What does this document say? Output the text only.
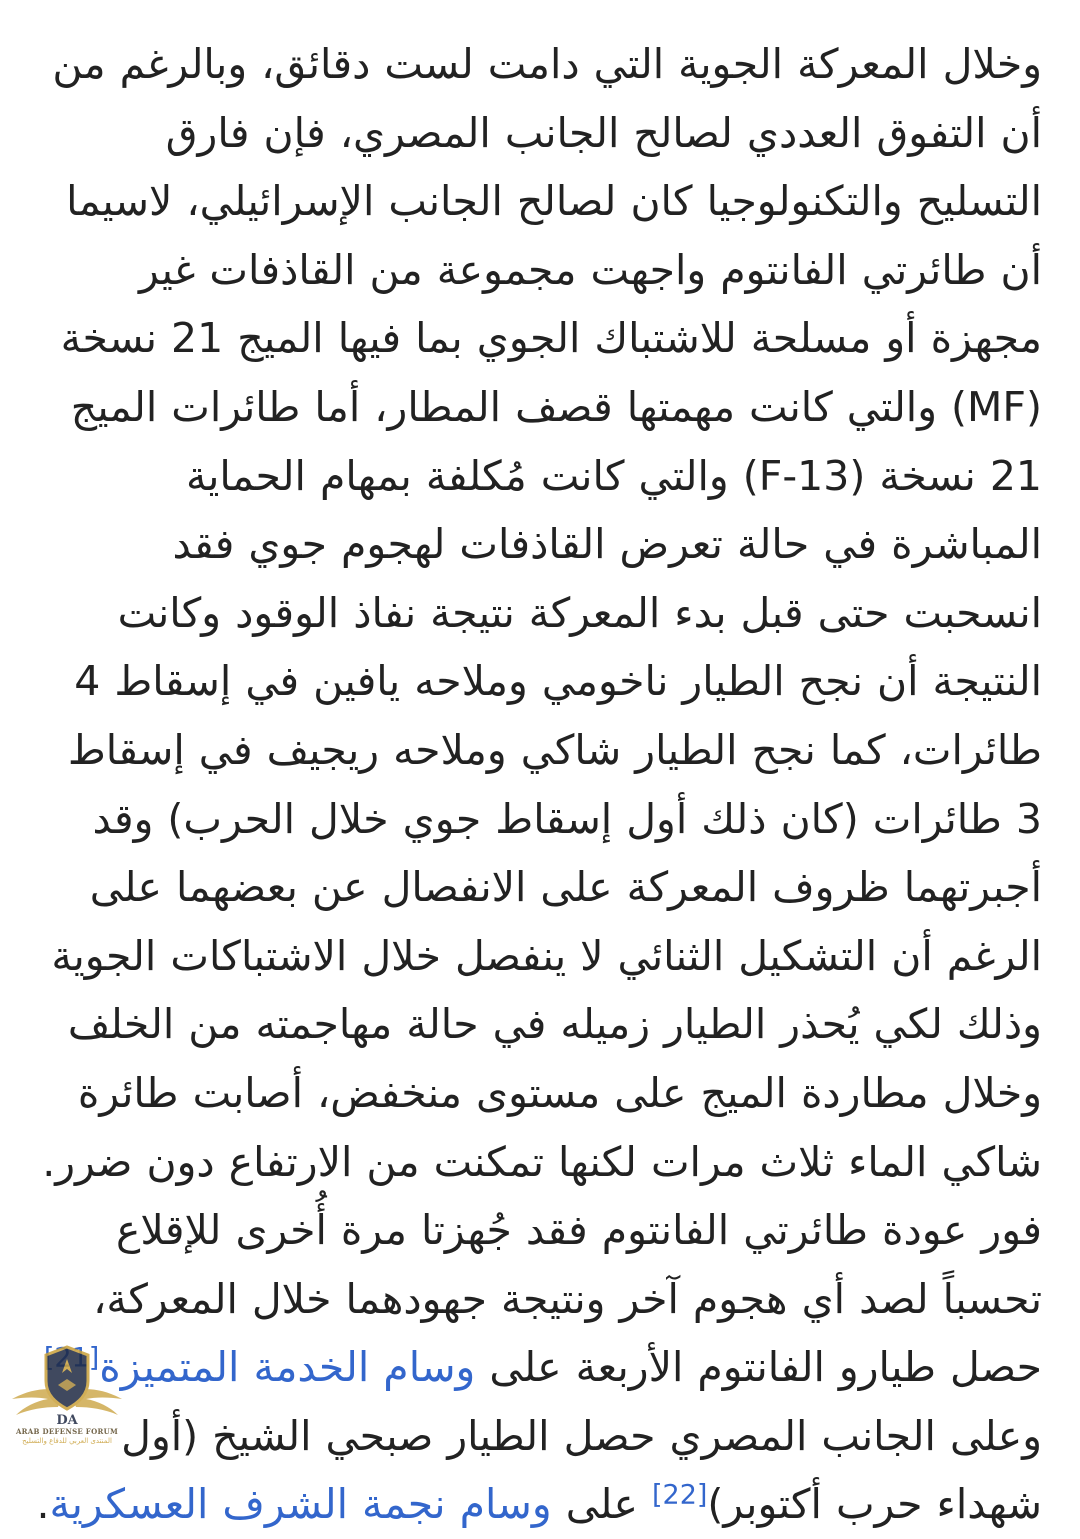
وخلال المعركة الجوية التي دامت لست دقائق، وبالرغم من أن التفوق العددي لصالح الجانب المصري، فإن فارق التسليح والتكنولوجيا كان لصالح الجانب الإسرائيلي، لاسيما أن طائرتي الفانتوم واجهت مجموعة من القاذفات غير مجهزة أو مسلحة للاشتباك الجوي بما فيها الميج 21 نسخة (MF) والتي كانت مهمتها قصف المطار، أما طائرات الميج 21 نسخة (F-13) والتي كانت مُكلفة بمهام الحماية المباشرة في حالة تعرض القاذفات لهجوم جوي فقد انسحبت حتى قبل بدء المعركة نتيجة نفاذ الوقود وكانت النتيجة أن نجح الطيار ناخومي وملاحه يافين في إسقاط 4 طائرات، كما نجح الطيار شاكي وملاحه ريجيف في إسقاط 3 طائرات (كان ذلك أول إسقاط جوي خلال الحرب) وقد أجبرتهما ظروف المعركة على الانفصال عن بعضهما على الرغم أن التشكيل الثنائي لا ينفصل خلال الاشتباكات الجوية وذلك لكي يُحذر الطيار زميله في حالة مهاجمته من الخلف وخلال مطاردة الميج على مستوى منخفض، أصابت طائرة شاكي الماء ثلاث مرات لكنها تمكنت من الارتفاع دون ضرر. فور عودة طائرتي الفانتوم فقد جُهزتا مرة أُخرى للإقلاع تحسباً لصد أي هجوم آخر ونتيجة جهودهما خلال المعركة، حصل طيارو الفانتوم الأربعة على وسام الخدمة المتميزة[ وعلى الجانب المصري حصل الطيار صبحي الشيخ (أول شهداء حرب أكتوبر)[22] على وسام نجمة الشرف العسكرية.

DA
ARAB DEFENSE FORUM
المنتدى العربي للدفاع والتسليح
